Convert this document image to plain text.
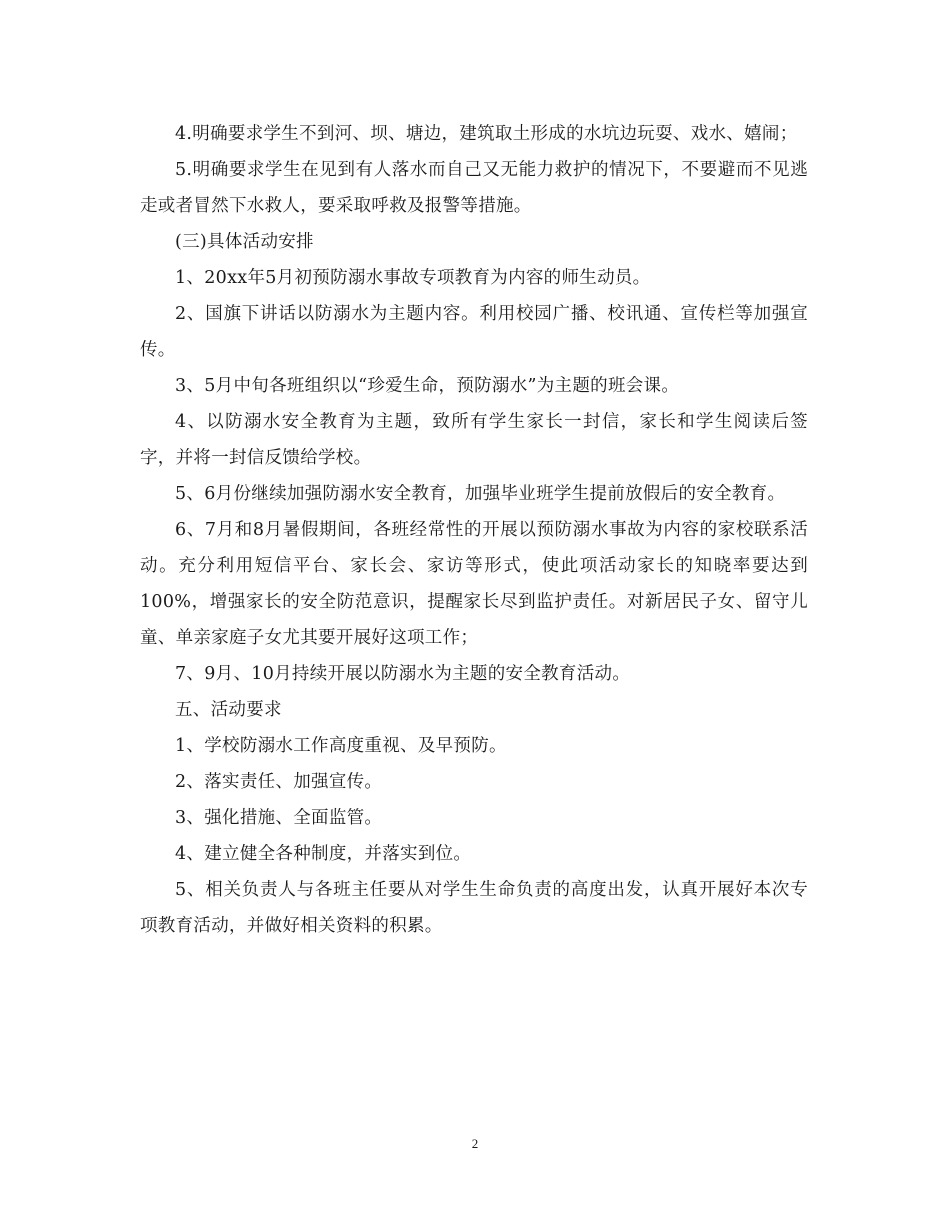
4.明确要求学生不到河、坝、塘边，建筑取土形成的水坑边玩耍、戏水、嬉闹；

5.明确要求学生在见到有人落水而自己又无能力救护的情况下，不要避而不见逃走或者冒然下水救人，要采取呼救及报警等措施。

(三)具体活动安排

1、20xx年5月初预防溺水事故专项教育为内容的师生动员。

2、国旗下讲话以防溺水为主题内容。利用校园广播、校讯通、宣传栏等加强宣传。

3、5月中旬各班组织以“珍爱生命，预防溺水”为主题的班会课。

4、以防溺水安全教育为主题，致所有学生家长一封信，家长和学生阅读后签字，并将一封信反馈给学校。

5、6月份继续加强防溺水安全教育，加强毕业班学生提前放假后的安全教育。

6、7月和8月暑假期间，各班经常性的开展以预防溺水事故为内容的家校联系活动。充分利用短信平台、家长会、家访等形式，使此项活动家长的知晓率要达到100%，增强家长的安全防范意识，提醒家长尽到监护责任。对新居民子女、留守儿童、单亲家庭子女尤其要开展好这项工作；

7、9月、10月持续开展以防溺水为主题的安全教育活动。

五、活动要求

1、学校防溺水工作高度重视、及早预防。

2、落实责任、加强宣传。

3、强化措施、全面监管。

4、建立健全各种制度，并落实到位。

5、相关负责人与各班主任要从对学生生命负责的高度出发，认真开展好本次专项教育活动，并做好相关资料的积累。

2
